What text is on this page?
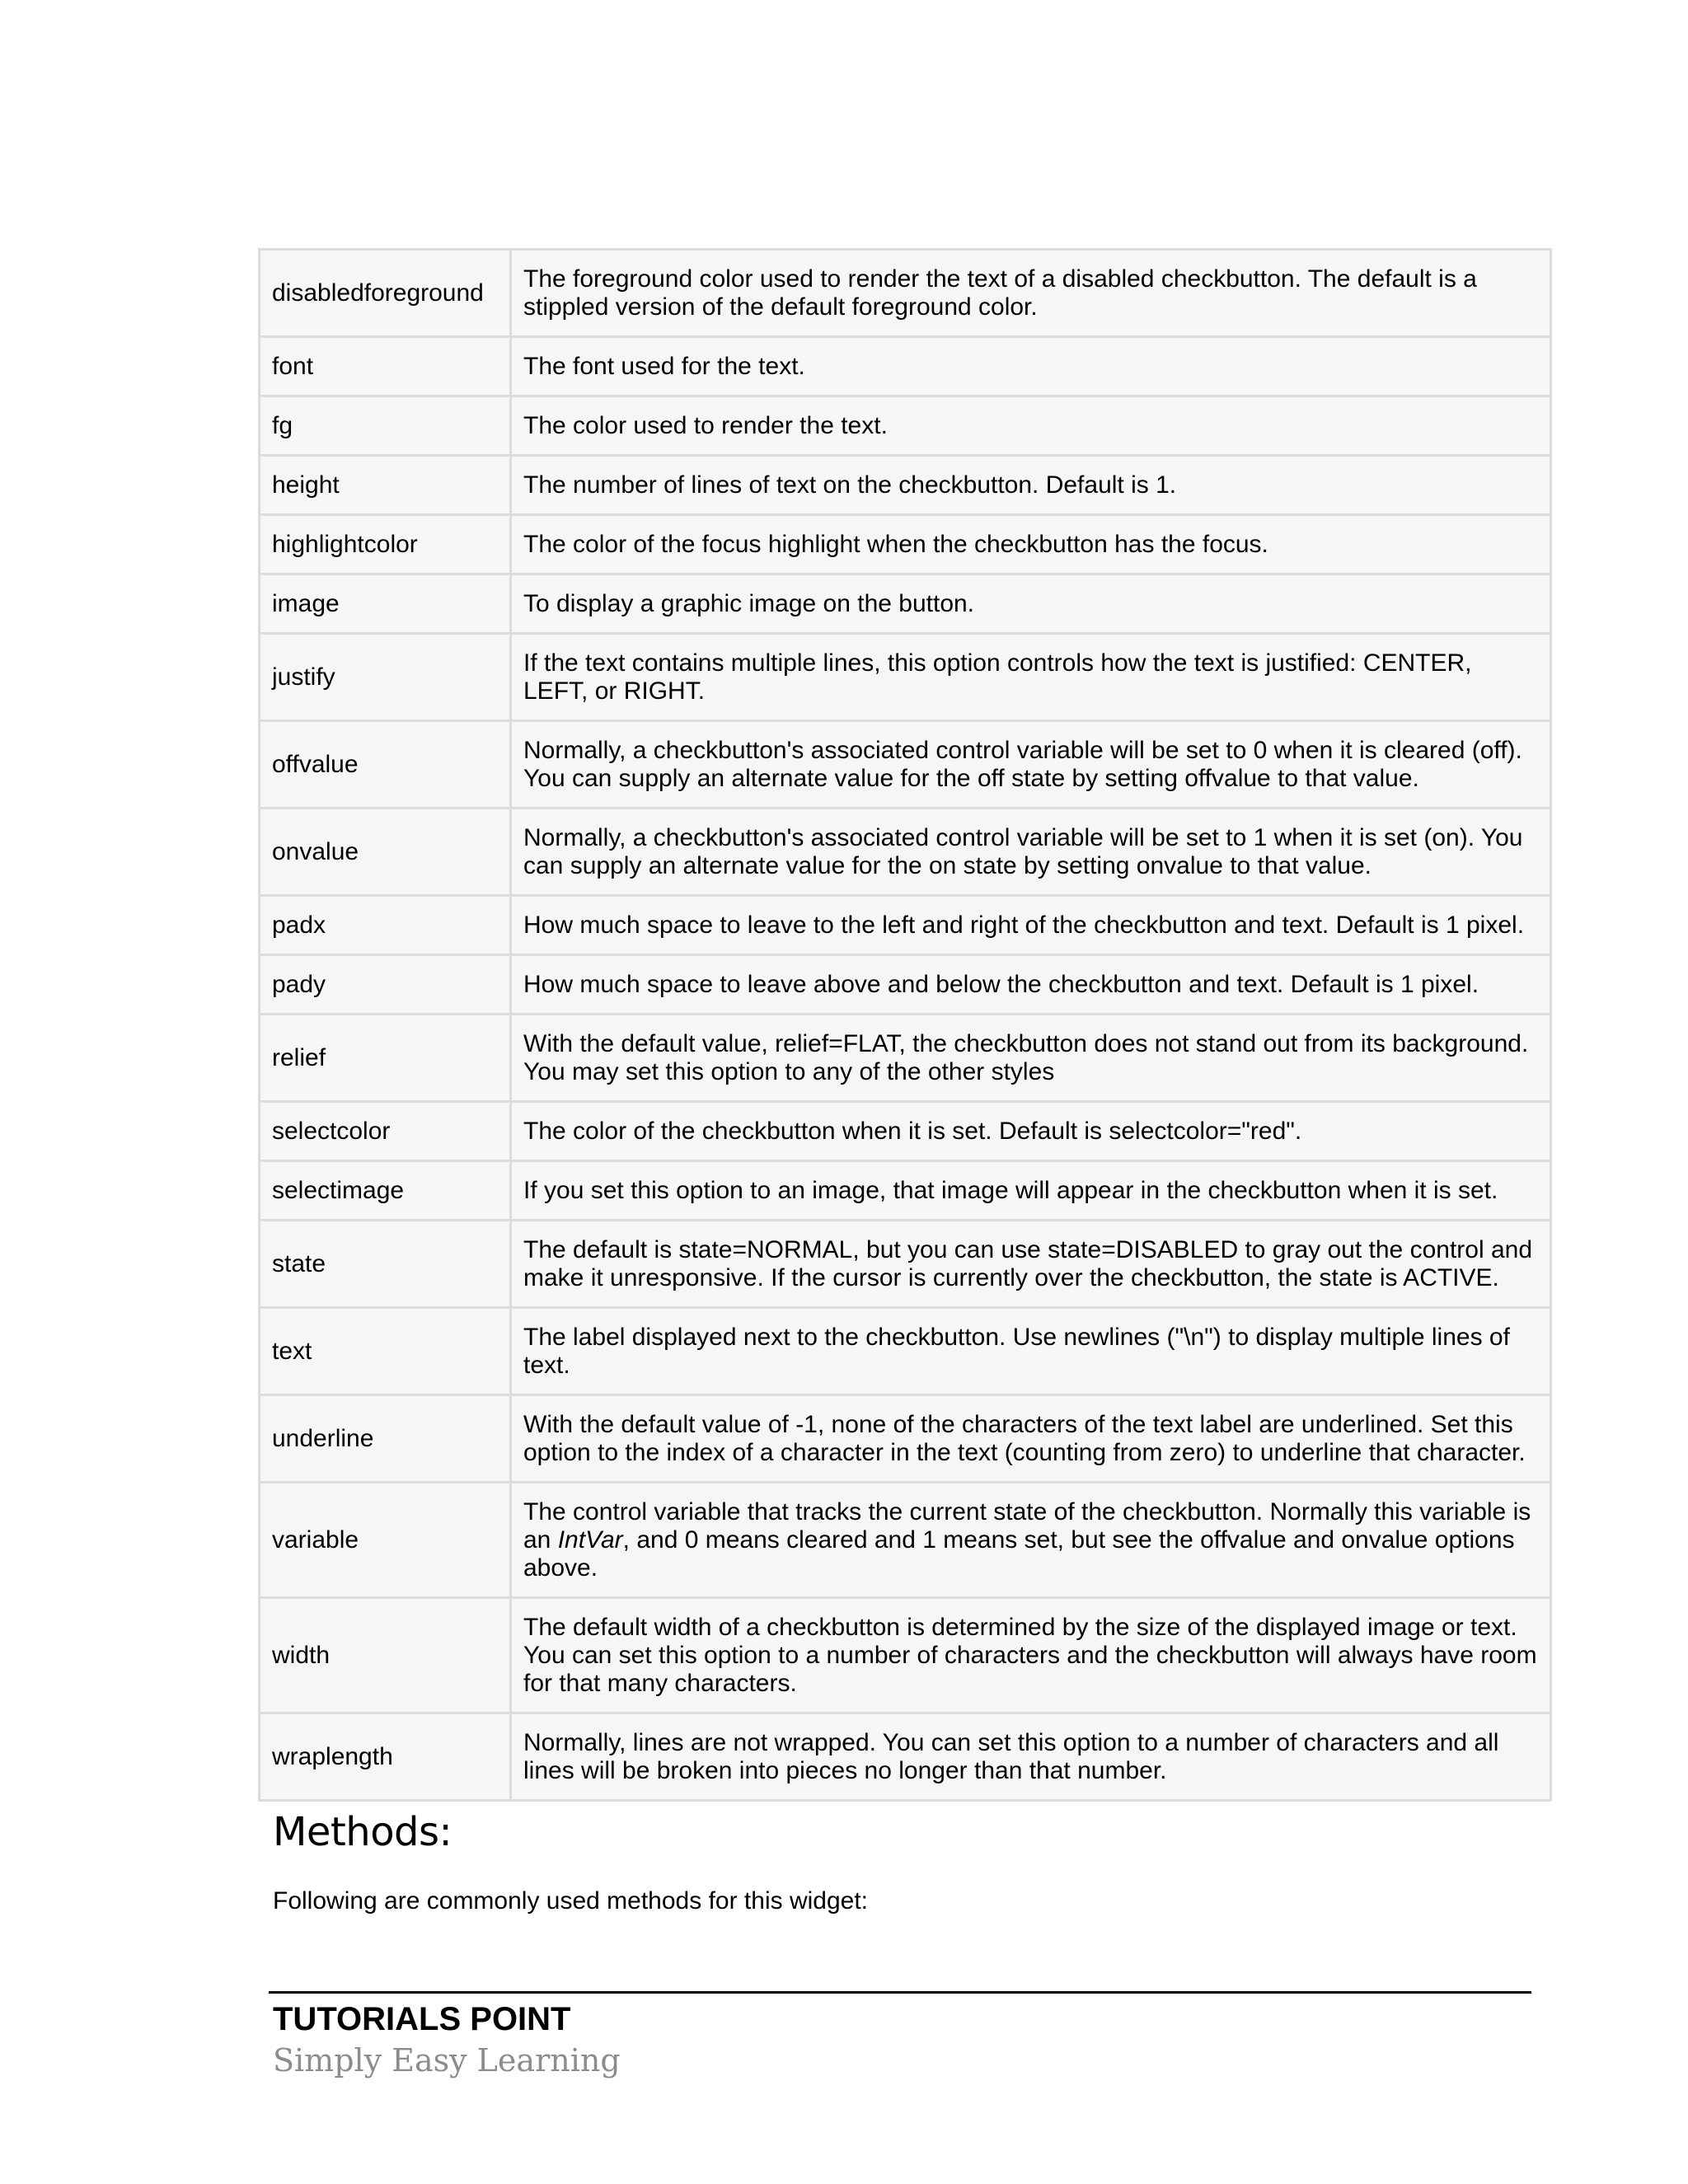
disabledforeground	The foreground color used to render the text of a disabled checkbutton. The default is a stippled version of the default foreground color.
font	The font used for the text.
fg	The color used to render the text.
height	The number of lines of text on the checkbutton. Default is 1.
highlightcolor	The color of the focus highlight when the checkbutton has the focus.
image	To display a graphic image on the button.
justify	If the text contains multiple lines, this option controls how the text is justified: CENTER, LEFT, or RIGHT.
offvalue	Normally, a checkbutton's associated control variable will be set to 0 when it is cleared (off). You can supply an alternate value for the off state by setting offvalue to that value.
onvalue	Normally, a checkbutton's associated control variable will be set to 1 when it is set (on). You can supply an alternate value for the on state by setting onvalue to that value.
padx	How much space to leave to the left and right of the checkbutton and text. Default is 1 pixel.
pady	How much space to leave above and below the checkbutton and text. Default is 1 pixel.
relief	With the default value, relief=FLAT, the checkbutton does not stand out from its background. You may set this option to any of the other styles
selectcolor	The color of the checkbutton when it is set. Default is selectcolor="red".
selectimage	If you set this option to an image, that image will appear in the checkbutton when it is set.
state	The default is state=NORMAL, but you can use state=DISABLED to gray out the control and make it unresponsive. If the cursor is currently over the checkbutton, the state is ACTIVE.
text	The label displayed next to the checkbutton. Use newlines ("\n") to display multiple lines of text.
underline	With the default value of -1, none of the characters of the text label are underlined. Set this option to the index of a character in the text (counting from zero) to underline that character.
variable	The control variable that tracks the current state of the checkbutton. Normally this variable is an IntVar, and 0 means cleared and 1 means set, but see the offvalue and onvalue options above.
width	The default width of a checkbutton is determined by the size of the displayed image or text. You can set this option to a number of characters and the checkbutton will always have room for that many characters.
wraplength	Normally, lines are not wrapped. You can set this option to a number of characters and all lines will be broken into pieces no longer than that number.
Methods:

Following are commonly used methods for this widget:

TUTORIALS POINT

Simply Easy Learning
